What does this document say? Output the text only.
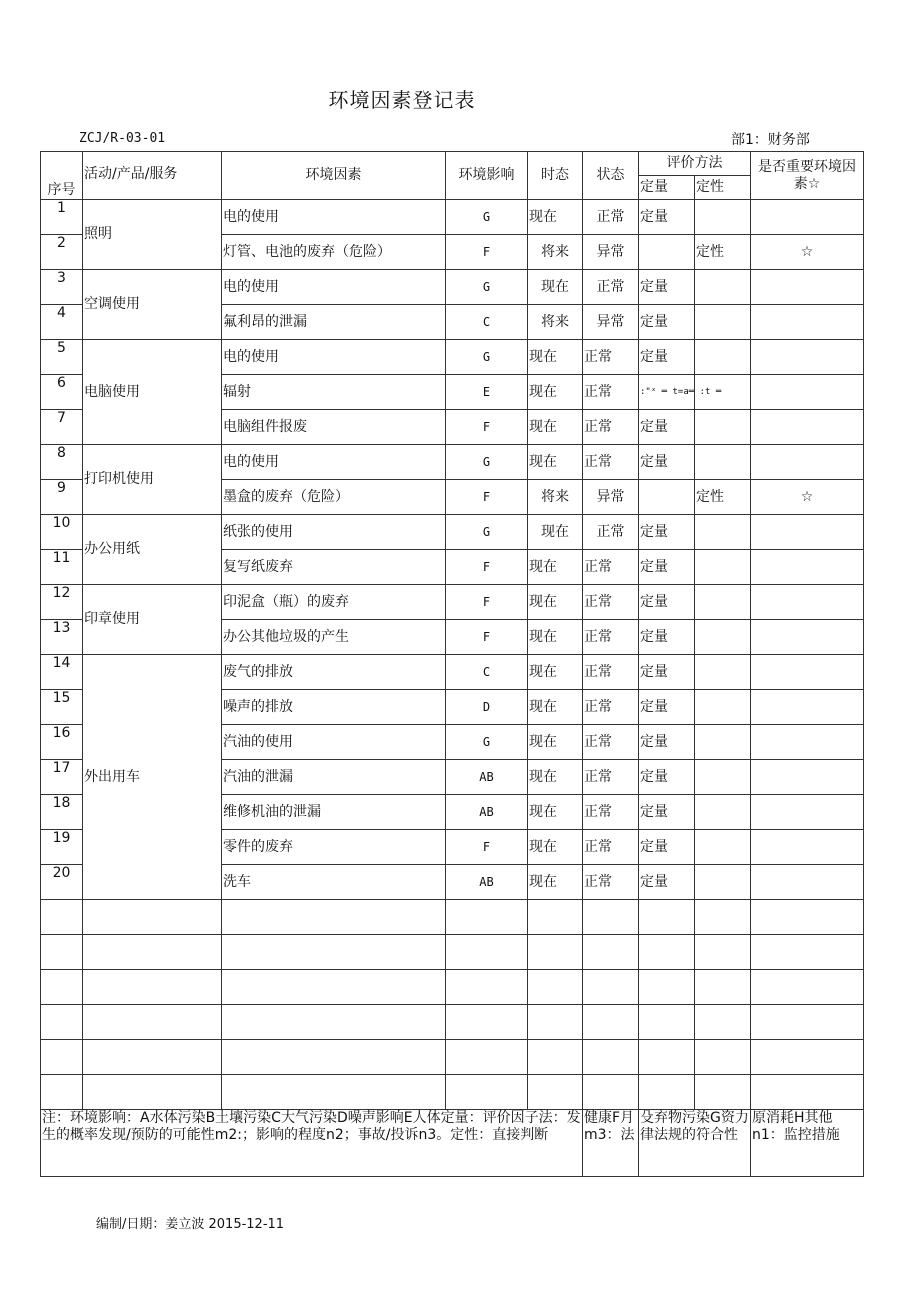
环境因素登记表
ZCJ/R-03-01	部1：财务部
序号	活动/产品/服务	环境因素	环境影响	时态	状态	评价方法		是否重要环境因素☆
						定量	定性	
1	照明	电的使用	G	现在	正常	定量		
2		灯管、电池的废弃（危险）	F	将来	异常		定性	☆
3	空调使用	电的使用	G	现在	正常	定量		
4		氟利昂的泄漏	C	将来	异常	定量		
5	电脑使用	电的使用	G	现在	正常	定量		
6		辐射	E	现在	正常	:"ˣ ═ t=a═ :t ═		
7		电脑组件报废	F	现在	正常	定量		
8	打印机使用	电的使用	G	现在	正常	定量		
9		墨盒的废弃（危险）	F	将来	异常		定性	☆
10	办公用纸	纸张的使用	G	现在	正常	定量		
11		复写纸废弃	F	现在	正常	定量		
12	印章使用	印泥盒（瓶）的废弃	F	现在	正常	定量		
13		办公其他垃圾的产生	F	现在	正常	定量		
14	外出用车	废气的排放	C	现在	正常	定量		
15		噪声的排放	D	现在	正常	定量		
16		汽油的使用	G	现在	正常	定量		
17		汽油的泄漏	AB	现在	正常	定量		
18		维修机油的泄漏	AB	现在	正常	定量		
19		零件的废弃	F	现在	正常	定量		
20		洗车	AB	现在	正常	定量		

注：环境影响：A水体污染B土壤污染C大气污染D噪声影响E人体定量：评价因子法：发生的概率发现/预防的可能性m2:；影响的程度n2；事故/投诉n3。定性：直接判断					健康F月m3：法	殳弃物污染G资力律法规的符合性		原消耗H其他n1：监控措施
编制/日期：姜立波 2015-12-11
